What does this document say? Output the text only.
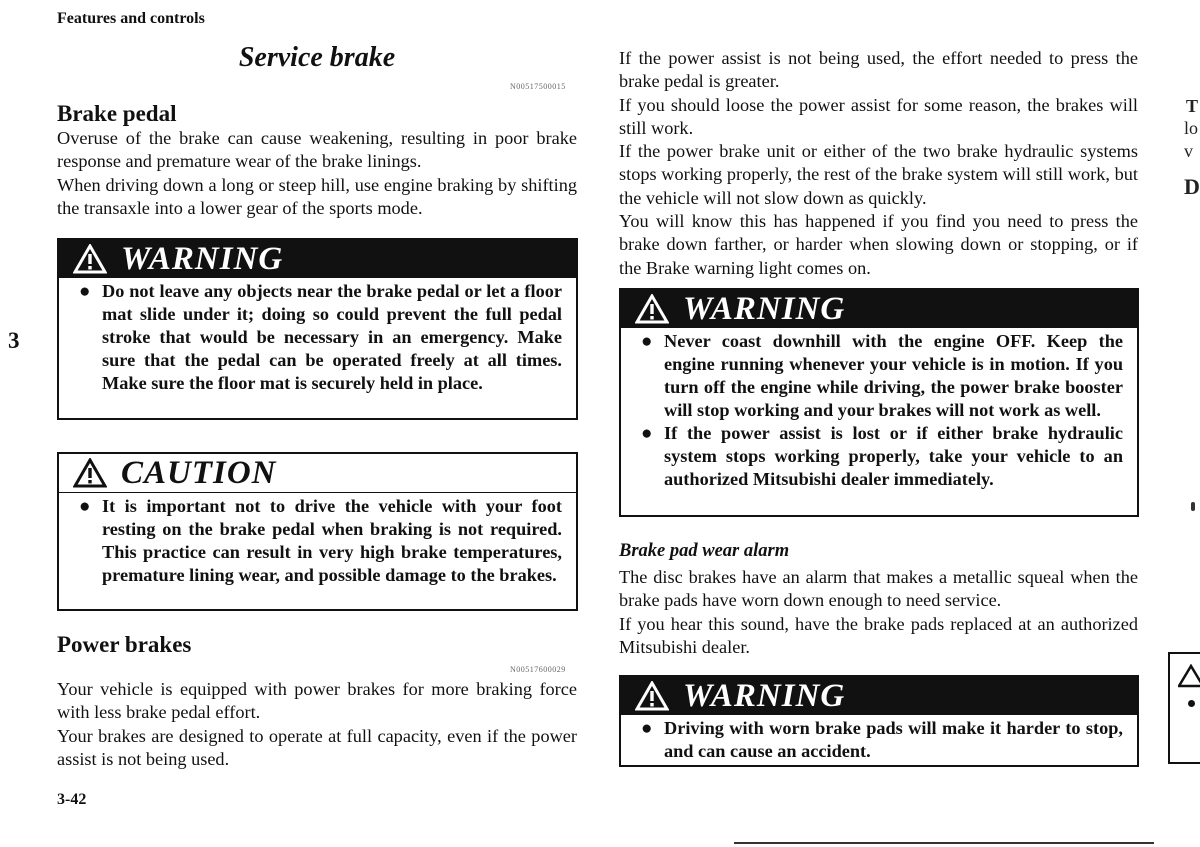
Features and controls
3
3-42
Service brake
N00517500015
Brake pedal

Overuse of the brake can cause weakening, resulting in poor brake response and premature wear of the brake linings.

When driving down a long or steep hill, use engine braking by shifting the transaxle into a lower gear of the sports mode.

WARNING
● Do not leave any objects near the brake pedal or let a floor mat slide under it; doing so could prevent the full pedal stroke that would be necessary in an emergency. Make sure that the pedal can be operated freely at all times. Make sure the floor mat is securely held in place.
CAUTION
● It is important not to drive the vehicle with your foot resting on the brake pedal when braking is not required. This practice can result in very high brake temperatures, premature lining wear, and possible damage to the brakes.
Power brakes
N00517600029

Your vehicle is equipped with power brakes for more braking force with less brake pedal effort.

Your brakes are designed to operate at full capacity, even if the power assist is not being used.

If the power assist is not being used, the effort needed to press the brake pedal is greater.

If you should loose the power assist for some reason, the brakes will still work.

If the power brake unit or either of the two brake hydraulic systems stops working properly, the rest of the brake system will still work, but the vehicle will not slow down as quickly.

You will know this has happened if you find you need to press the brake down farther, or harder when slowing down or stopping, or if the Brake warning light comes on.

WARNING
● Never coast downhill with the engine OFF. Keep the engine running whenever your vehicle is in motion. If you turn off the engine while driving, the power brake booster will stop working and your brakes will not work as well.
● If the power assist is lost or if either brake hydraulic system stops working properly, take your vehicle to an authorized Mitsubishi dealer immediately.
Brake pad wear alarm

The disc brakes have an alarm that makes a metallic squeal when the brake pads have worn down enough to need service.

If you hear this sound, have the brake pads replaced at an authorized Mitsubishi dealer.

WARNING
● Driving with worn brake pads will make it harder to stop, and can cause an accident.
T
lo
v
D
